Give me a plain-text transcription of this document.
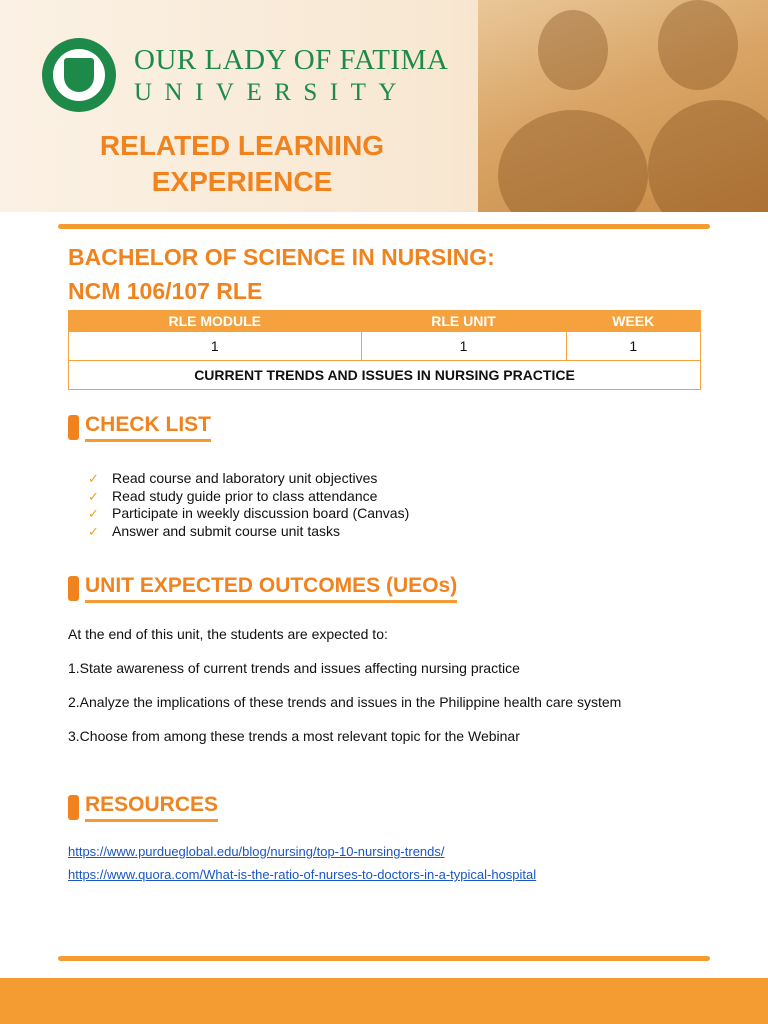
OUR LADY OF FATIMA
UNIVERSITY
RELATED LEARNING
EXPERIENCE
BACHELOR OF SCIENCE IN NURSING:
NCM 106/107 RLE
RLE MODULE	RLE UNIT	WEEK
1	1	1
CURRENT TRENDS AND ISSUES IN NURSING PRACTICE		
CHECK LIST
✓ Read course and laboratory unit objectives
✓ Read study guide prior to class attendance
✓ Participate in weekly discussion board (Canvas)
✓ Answer and submit course unit tasks
UNIT EXPECTED OUTCOMES (UEOs)
At the end of this unit, the students are expected to:
1.State awareness of current trends and issues affecting nursing practice
2.Analyze the implications of these trends and issues in the Philippine health care system
3.Choose from among these trends a most relevant topic for the Webinar
RESOURCES
https://www.purdueglobal.edu/blog/nursing/top-10-nursing-trends/
https://www.quora.com/What-is-the-ratio-of-nurses-to-doctors-in-a-typical-hospital
